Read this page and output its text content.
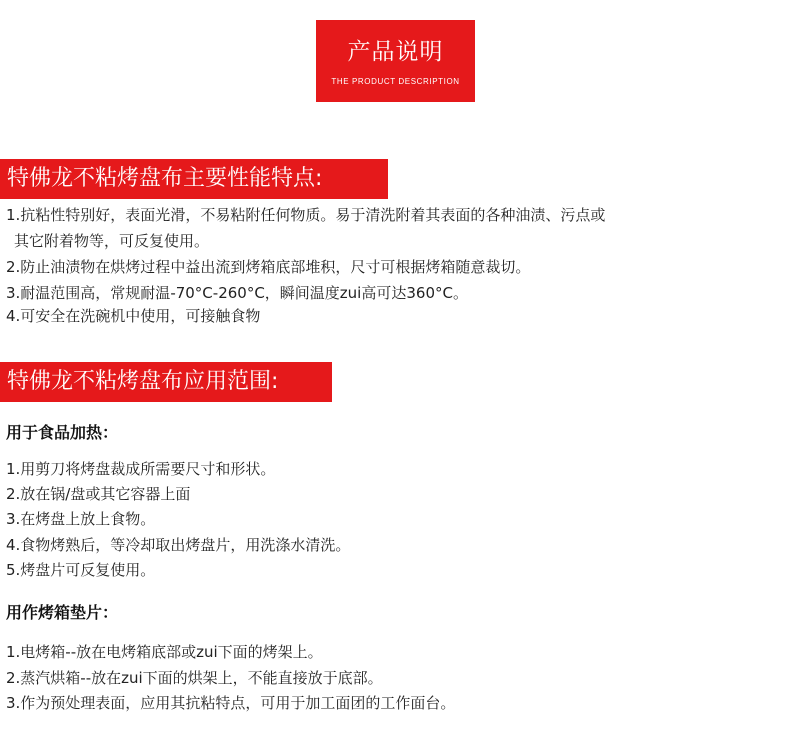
产品说明
THE PRODUCT DESCRIPTION
特佛龙不粘烤盘布主要性能特点:
1.抗粘性特别好，表面光滑，不易粘附任何物质。易于清洗附着其表面的各种油渍、污点或
其它附着物等，可反复使用。
2.防止油渍物在烘烤过程中益出流到烤箱底部堆积，尺寸可根据烤箱随意裁切。
3.耐温范围高，常规耐温-70°C-260°C，瞬间温度zui高可达360°C。
4.可安全在洗碗机中使用，可接触食物
特佛龙不粘烤盘布应用范围:
用于食品加热：
1.用剪刀将烤盘裁成所需要尺寸和形状。
2.放在锅/盘或其它容器上面
3.在烤盘上放上食物。
4.食物烤熟后，等冷却取出烤盘片，用洗涤水清洗。
5.烤盘片可反复使用。
用作烤箱垫片：
1.电烤箱--放在电烤箱底部或zui下面的烤架上。
2.蒸汽烘箱--放在zui下面的烘架上，不能直接放于底部。
3.作为预处理表面，应用其抗粘特点，可用于加工面团的工作面台。
